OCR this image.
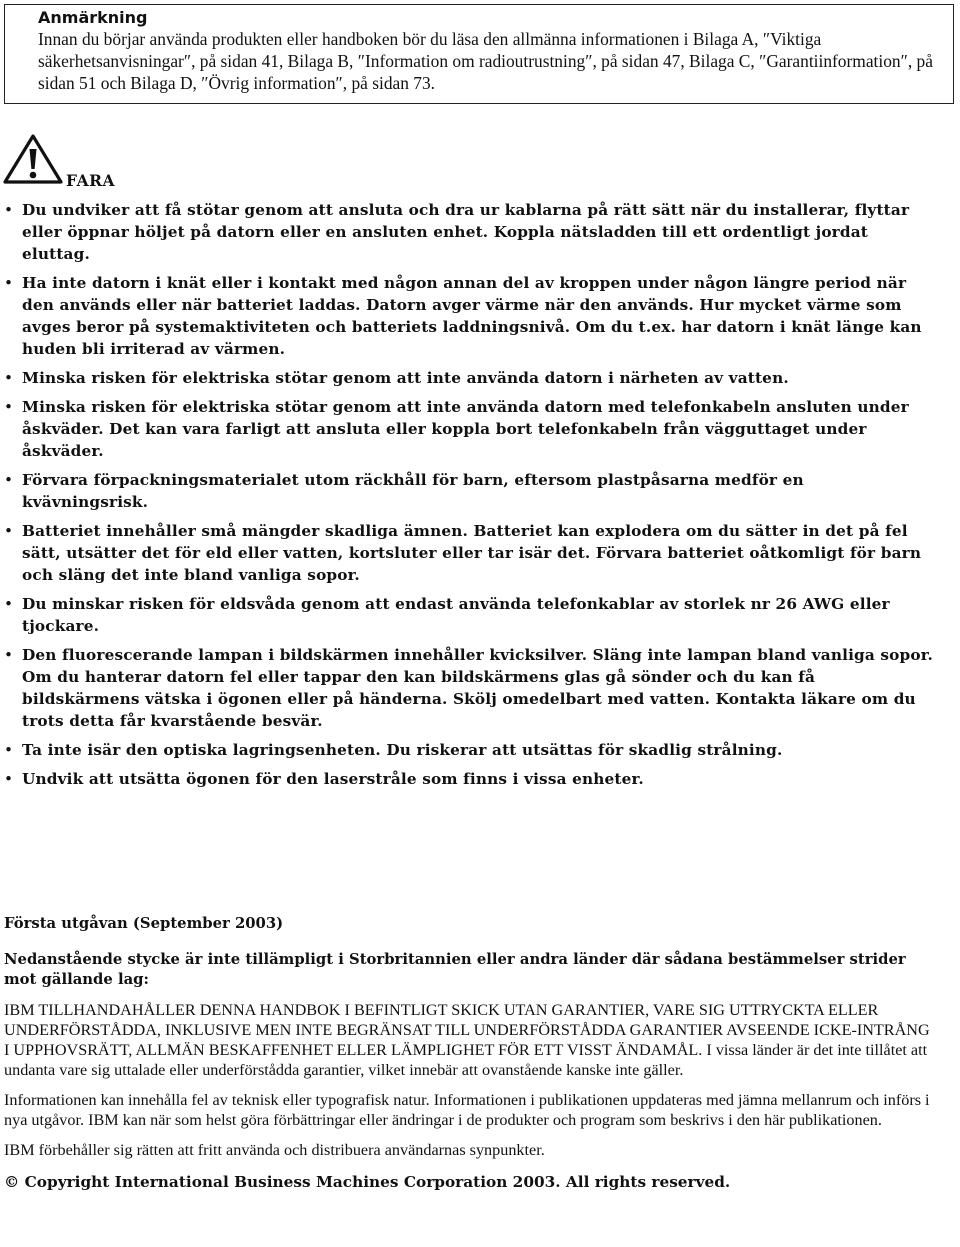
Anmärkning

Innan du börjar använda produkten eller handboken bör du läsa den allmänna informationen i Bilaga A, ″Viktiga säkerhetsanvisningar″, på sidan 41, Bilaga B, ″Information om radioutrustning″, på sidan 47, Bilaga C, ″Garantiinformation″, på sidan 51 och Bilaga D, ″Övrig information″, på sidan 73.

FARA
• Du undviker att få stötar genom att ansluta och dra ur kablarna på rätt sätt när du installerar, flyttar eller öppnar höljet på datorn eller en ansluten enhet. Koppla nätsladden till ett ordentligt jordat eluttag.
• Ha inte datorn i knät eller i kontakt med någon annan del av kroppen under någon längre period när den används eller när batteriet laddas. Datorn avger värme när den används. Hur mycket värme som avges beror på systemaktiviteten och batteriets laddningsnivå. Om du t.ex. har datorn i knät länge kan huden bli irriterad av värmen.
• Minska risken för elektriska stötar genom att inte använda datorn i närheten av vatten.
• Minska risken för elektriska stötar genom att inte använda datorn med telefonkabeln ansluten under åskväder. Det kan vara farligt att ansluta eller koppla bort telefonkabeln från vägguttaget under åskväder.
• Förvara förpackningsmaterialet utom räckhåll för barn, eftersom plastpåsarna medför en kvävningsrisk.
• Batteriet innehåller små mängder skadliga ämnen. Batteriet kan explodera om du sätter in det på fel sätt, utsätter det för eld eller vatten, kortsluter eller tar isär det. Förvara batteriet oåtkomligt för barn och släng det inte bland vanliga sopor.
• Du minskar risken för eldsvåda genom att endast använda telefonkablar av storlek nr 26 AWG eller tjockare.
• Den fluorescerande lampan i bildskärmen innehåller kvicksilver. Släng inte lampan bland vanliga sopor. Om du hanterar datorn fel eller tappar den kan bildskärmens glas gå sönder och du kan få bildskärmens vätska i ögonen eller på händerna. Skölj omedelbart med vatten. Kontakta läkare om du trots detta får kvarstående besvär.
• Ta inte isär den optiska lagringsenheten. Du riskerar att utsättas för skadlig strålning.
• Undvik att utsätta ögonen för den laserstråle som finns i vissa enheter.

Första utgåvan (September 2003)

Nedanstående stycke är inte tillämpligt i Storbritannien eller andra länder där sådana bestämmelser strider mot gällande lag:

IBM TILLHANDAHÅLLER DENNA HANDBOK I BEFINTLIGT SKICK UTAN GARANTIER, VARE SIG UTTRYCKTA ELLER UNDERFÖRSTÅDDA, INKLUSIVE MEN INTE BEGRÄNSAT TILL UNDERFÖRSTÅDDA GARANTIER AVSEENDE ICKE-INTRÅNG I UPPHOVSRÄTT, ALLMÄN BESKAFFENHET ELLER LÄMPLIGHET FÖR ETT VISST ÄNDAMÅL. I vissa länder är det inte tillåtet att undanta vare sig uttalade eller underförstådda garantier, vilket innebär att ovanstående kanske inte gäller.

Informationen kan innehålla fel av teknisk eller typografisk natur. Informationen i publikationen uppdateras med jämna mellanrum och införs i nya utgåvor. IBM kan när som helst göra förbättringar eller ändringar i de produkter och program som beskrivs i den här publikationen.

IBM förbehåller sig rätten att fritt använda och distribuera användarnas synpunkter.

© Copyright International Business Machines Corporation 2003. All rights reserved.
